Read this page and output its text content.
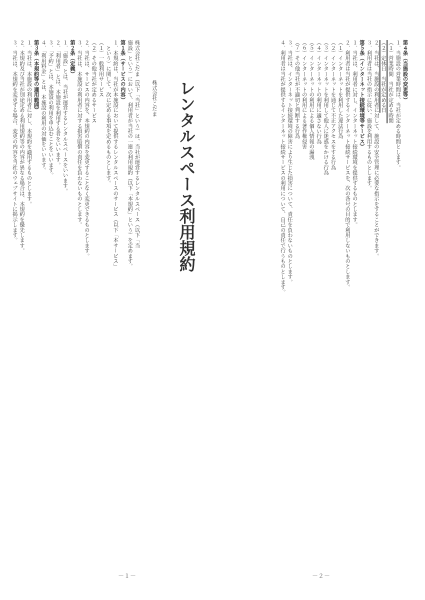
レンタルスペース利用規約
株式会社こだま
株式会社こだま（以下「当社」という）は、当社が運営するレンタルスペース（以下「当
施設」という）において、利用者が当社の一連の利用規約（以下「本規約」という）を定めます。
第１条（サービスの内容）
１．本規約は、当社が本施設において提供するレンタルスペースのサービス（以下「本サービス」
　という）に関して、次に定める事項を定めるものとします。
（１）一般利用サービス
（２）その他当社が定めるサービス
２．当社は、サービスの内容を、本規約の内容を変更することなく変更できるものとします。
３．当社は、本施設の利用者に対する損害賠償の責任を負わないものとします。
第２条（定義）
１．「施設」とは、当社が運営するレンタルスペースをいいます。
２．「利用者」とは、本施設を利用する者をいいます。
３．「予約」とは、本施設の利用を申込むことをいいます。
４．「利用料金」とは、本施設の利用の対価をいいます。
第３条（本規約等の適用範囲）
１．当社は、本施設の利用者に対し、本規約を適用するものとします。
２．本規約及び当社が別途定める利用規約等の内容が異なる場合は、本規約を優先します。
３．当社は、本規約を変更する場合、変更の内容を当社のウェブサイトに掲示します。	第４条（当施設の変更等）
１．当施設の営業時間は、当社が定める時間とします。
（１）営業時間　当社が定める時間
（２）定休日　当社が定める日
２．当社は、当施設の利用者に対して、施設の安全管理に必要な指示をすることができます。
３．利用者は当社の指示に従い、施設を利用するものとします。
第５条（インターネット接続環境等サービス）
１．当社は、利用者に対し、インターネット接続環境を提供するものとします。
２．利用者は当社が提供するインターネット接続サービスを、次の各号の目的で利用しないものとします。
（１）インターネットを利用した違法行為
（２）インターネットを通じて不正アクセスをする行為
（３）インターネットを利用して他人に迷惑をかける行為
（４）インターネットの利用に適さない行為
（５）インターネットの利用による個人情報の漏洩
（６）インターネットの利用による著作権侵害
（７）その他当社が不適切と判断する行為
３．当社は、インターネット接続環境の障害により生じた損害について、責任を負わないものとします。
４．利用者は当社が提供するインターネット接続サービスの利用について、自己の責任で行うものとします。
－１－	－２－
